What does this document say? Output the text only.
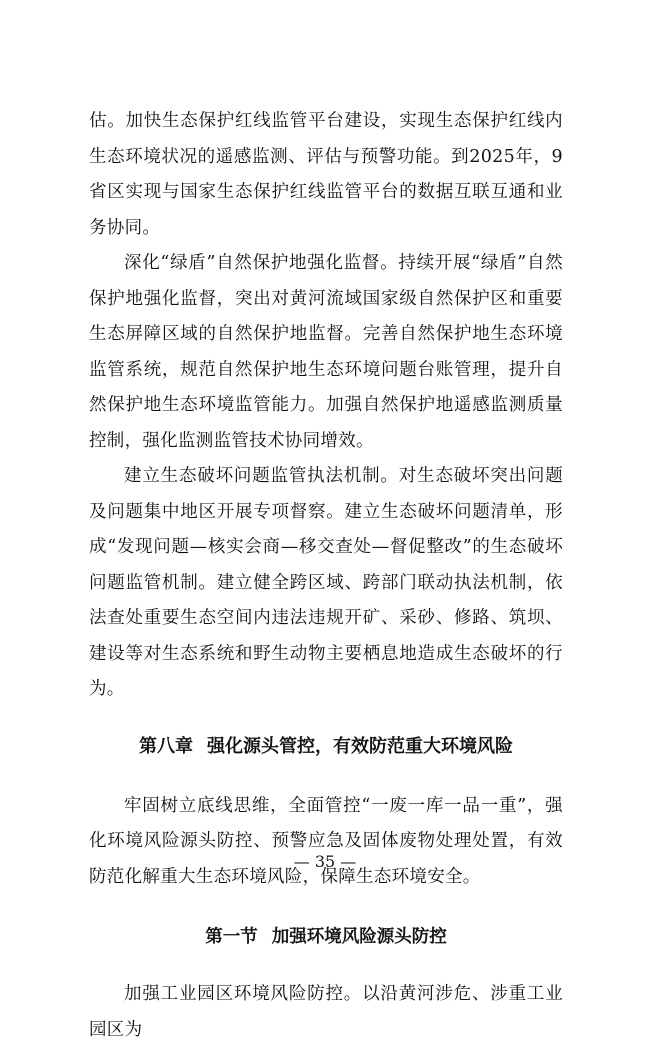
估。加快生态保护红线监管平台建设，实现生态保护红线内生态环境状况的遥感监测、评估与预警功能。到2025年，9省区实现与国家生态保护红线监管平台的数据互联互通和业务协同。

深化“绿盾”自然保护地强化监督。持续开展“绿盾”自然保护地强化监督，突出对黄河流域国家级自然保护区和重要生态屏障区域的自然保护地监督。完善自然保护地生态环境监管系统，规范自然保护地生态环境问题台账管理，提升自然保护地生态环境监管能力。加强自然保护地遥感监测质量控制，强化监测监管技术协同增效。

建立生态破坏问题监管执法机制。对生态破坏突出问题及问题集中地区开展专项督察。建立生态破坏问题清单，形成“发现问题—核实会商—移交查处—督促整改”的生态破坏问题监管机制。建立健全跨区域、跨部门联动执法机制，依法查处重要生态空间内违法违规开矿、采砂、修路、筑坝、建设等对生态系统和野生动物主要栖息地造成生态破坏的行为。

第八章 强化源头管控，有效防范重大环境风险

牢固树立底线思维，全面管控“一废一库一品一重”，强化环境风险源头防控、预警应急及固体废物处理处置，有效防范化解重大生态环境风险，保障生态环境安全。

第一节 加强环境风险源头防控

加强工业园区环境风险防控。以沿黄河涉危、涉重工业园区为

— 35 —
